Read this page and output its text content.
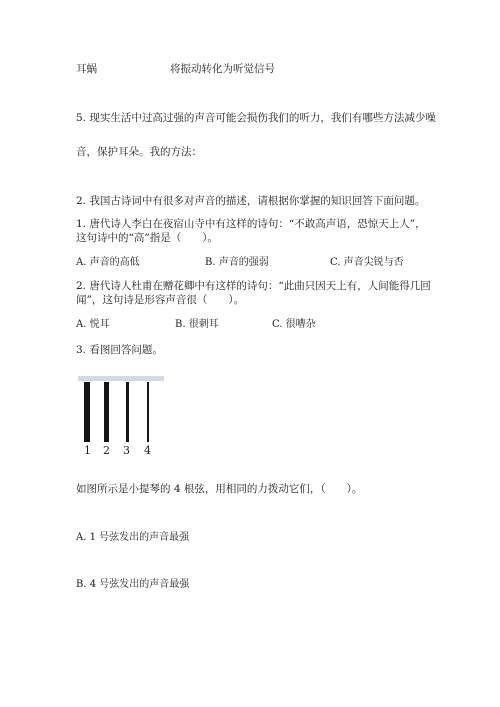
耳蜗	将振动转化为听觉信号
5. 现实生活中过高过强的声音可能会损伤我们的听力，我们有哪些方法减少噪
音，保护耳朵。我的方法：
2. 我国古诗词中有很多对声音的描述，请根据你掌握的知识回答下面问题。
1. 唐代诗人李白在夜宿山寺中有这样的诗句：“不敢高声语，恐惊天上人”，
这句诗中的“高”指是（　　）。
A. 声音的高低	B. 声音的强弱	C. 声音尖锐与否
2. 唐代诗人杜甫在赠花卿中有这样的诗句：“此曲只因天上有，人间能得几回
闻”，这句诗是形容声音很（　　）。
A. 悦耳	B. 很刺耳	C. 很嘈杂
3. 看图回答问题。
1 2 3 4
如图所示是小提琴的 4 根弦，用相同的力拨动它们，（　　）。
A. 1 号弦发出的声音最强
B. 4 号弦发出的声音最强
